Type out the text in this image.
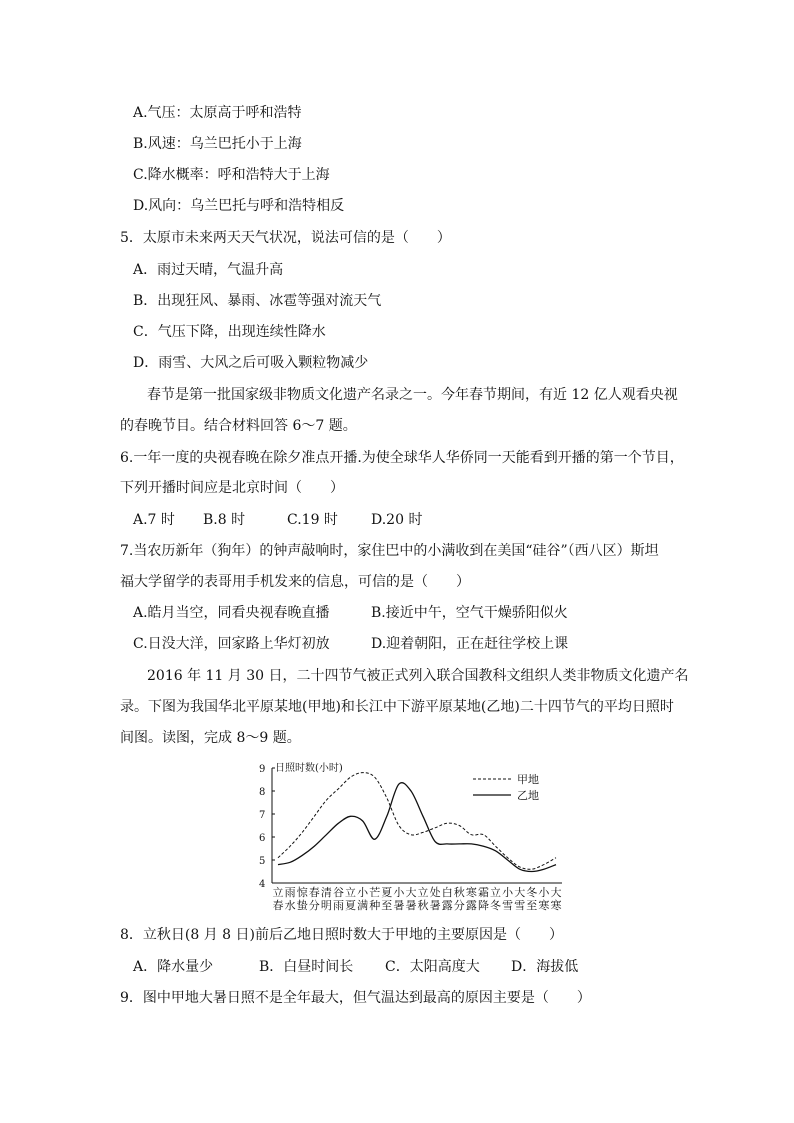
A.气压：太原高于呼和浩特
B.风速：乌兰巴托小于上海
C.降水概率：呼和浩特大于上海
D.风向：乌兰巴托与呼和浩特相反
5．太原市未来两天天气状况，说法可信的是（　　）
A．雨过天晴，气温升高
B．出现狂风、暴雨、冰雹等强对流天气
C．气压下降，出现连续性降水
D．雨雪、大风之后可吸入颗粒物减少
春节是第一批国家级非物质文化遗产名录之一。今年春节期间，有近 12 亿人观看央视
的春晚节目。结合材料回答 6～7 题。
6.一年一度的央视春晚在除夕准点开播.为使全球华人华侨同一天能看到开播的第一个节目，
下列开播时间应是北京时间（　　）
A.7 时	B.8 时	C.19 时	D.20 时
7.当农历新年（狗年）的钟声敲响时，家住巴中的小满收到在美国“硅谷”（西八区）斯坦
福大学留学的表哥用手机发来的信息，可信的是（　　）
A.皓月当空，同看央视春晚直播	B.接近中午，空气干燥骄阳似火
C.日没大洋，回家路上华灯初放	D.迎着朝阳，正在赶往学校上课
2016 年 11 月 30 日，二十四节气被正式列入联合国教科文组织人类非物质文化遗产名
录。下图为我国华北平原某地(甲地)和长江中下游平原某地(乙地)二十四节气的平均日照时
间图。读图，完成 8～9 题。
日照时数(小时)
4
5
6
7
8
9
立春
雨水
惊蛰
春分
清明
谷雨
立夏
小满
芒种
夏至
小暑
大暑
立秋
处暑
白露
秋分
寒露
霜降
立冬
小雪
大雪
冬至
小寒
大寒
甲地
乙地
8．立秋日(8 月 8 日)前后乙地日照时数大于甲地的主要原因是（　　）
A．降水量少	B．白昼时间长	C．太阳高度大	D．海拔低
9．图中甲地大暑日照不是全年最大，但气温达到最高的原因主要是（　　）
